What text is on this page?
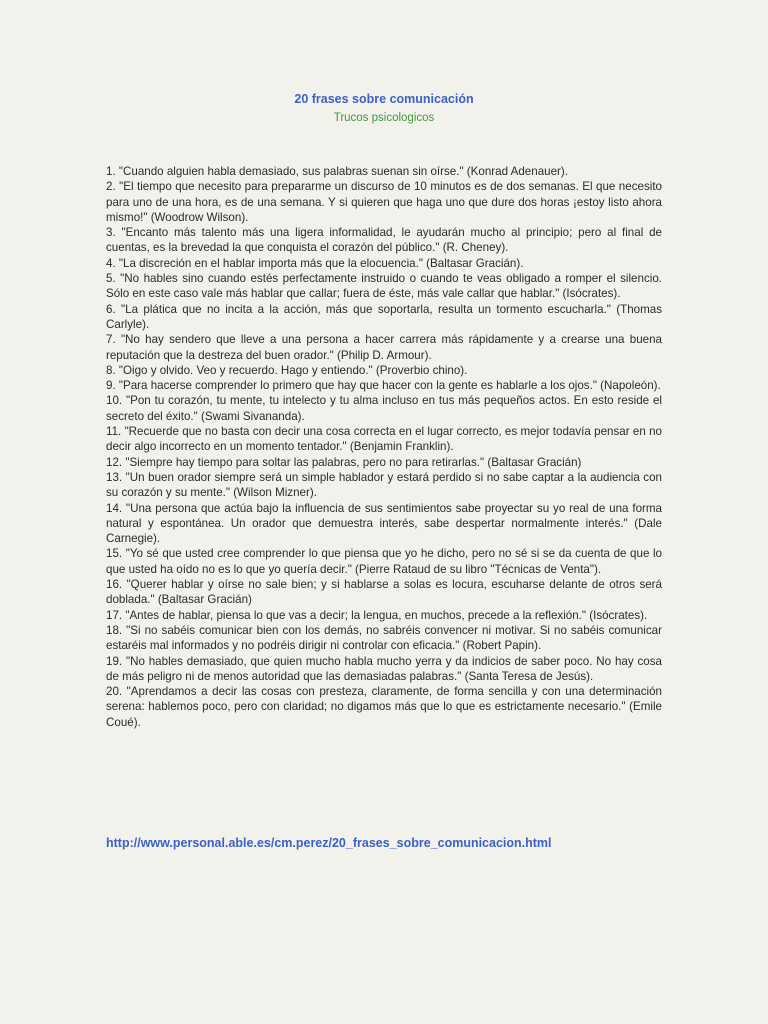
20 frases sobre comunicación
Trucos psicologicos

1. "Cuando alguien habla demasiado, sus palabras suenan sin oírse." (Konrad Adenauer).

2. "El tiempo que necesito para prepararme un discurso de 10 minutos es de dos semanas. El que necesito para uno de una hora, es de una semana. Y si quieren que haga uno que dure dos horas ¡estoy listo ahora mismo!" (Woodrow Wilson).

3. "Encanto más talento más una ligera informalidad, le ayudarán mucho al principio; pero al final de cuentas, es la brevedad la que conquista el corazón del público." (R. Cheney).

4. "La discreción en el hablar importa más que la elocuencia." (Baltasar Gracián).

5. "No hables sino cuando estés perfectamente instruido o cuando te veas obligado a romper el silencio. Sólo en este caso vale más hablar que callar; fuera de éste, más vale callar que hablar." (Isócrates).

6. "La plática que no incita a la acción, más que soportarla, resulta un tormento escucharla." (Thomas Carlyle).

7. "No hay sendero que lleve a una persona a hacer carrera más rápidamente y a crearse una buena reputación que la destreza del buen orador." (Philip D. Armour).

8. "Oigo y olvido. Veo y recuerdo. Hago y entiendo." (Proverbio chino).

9. "Para hacerse comprender lo primero que hay que hacer con la gente es hablarle a los ojos." (Napoleón).

10. "Pon tu corazón, tu mente, tu intelecto y tu alma incluso en tus más pequeños actos. En esto reside el secreto del éxito." (Swami Sivananda).

11. "Recuerde que no basta con decir una cosa correcta en el lugar correcto, es mejor todavía pensar en no decir algo incorrecto en un momento tentador." (Benjamin Franklin).

12. "Siempre hay tiempo para soltar las palabras, pero no para retirarlas." (Baltasar Gracián)

13. "Un buen orador siempre será un simple hablador y estará perdido si no sabe captar a la audiencia con su corazón y su mente." (Wilson Mizner).

14. "Una persona que actúa bajo la influencia de sus sentimientos sabe proyectar su yo real de una forma natural y espontánea. Un orador que demuestra interés, sabe despertar normalmente interés." (Dale Carnegie).

15. "Yo sé que usted cree comprender lo que piensa que yo he dicho, pero no sé si se da cuenta de que lo que usted ha oído no es lo que yo quería decir." (Pierre Rataud de su libro "Técnicas de Venta").

16. "Querer hablar y oírse no sale bien; y si hablarse a solas es locura, escuharse delante de otros será doblada." (Baltasar Gracián)

17. "Antes de hablar, piensa lo que vas a decir; la lengua, en muchos, precede a la reflexión." (Isócrates).

18. "Si no sabéis comunicar bien con los demás, no sabréis convencer ni motivar. Si no sabéis comunicar estaréis mal informados y no podréis dirigir ni controlar con eficacia." (Robert Papin).

19. "No hables demasiado, que quien mucho habla mucho yerra y da indicios de saber poco. No hay cosa de más peligro ni de menos autoridad que las demasiadas palabras." (Santa Teresa de Jesús).

20. "Aprendamos a decir las cosas con presteza, claramente, de forma sencilla y con una determinación serena: hablemos poco, pero con claridad; no digamos más que lo que es estrictamente necesario." (Emile Coué).

http://www.personal.able.es/cm.perez/20_frases_sobre_comunicacion.html
